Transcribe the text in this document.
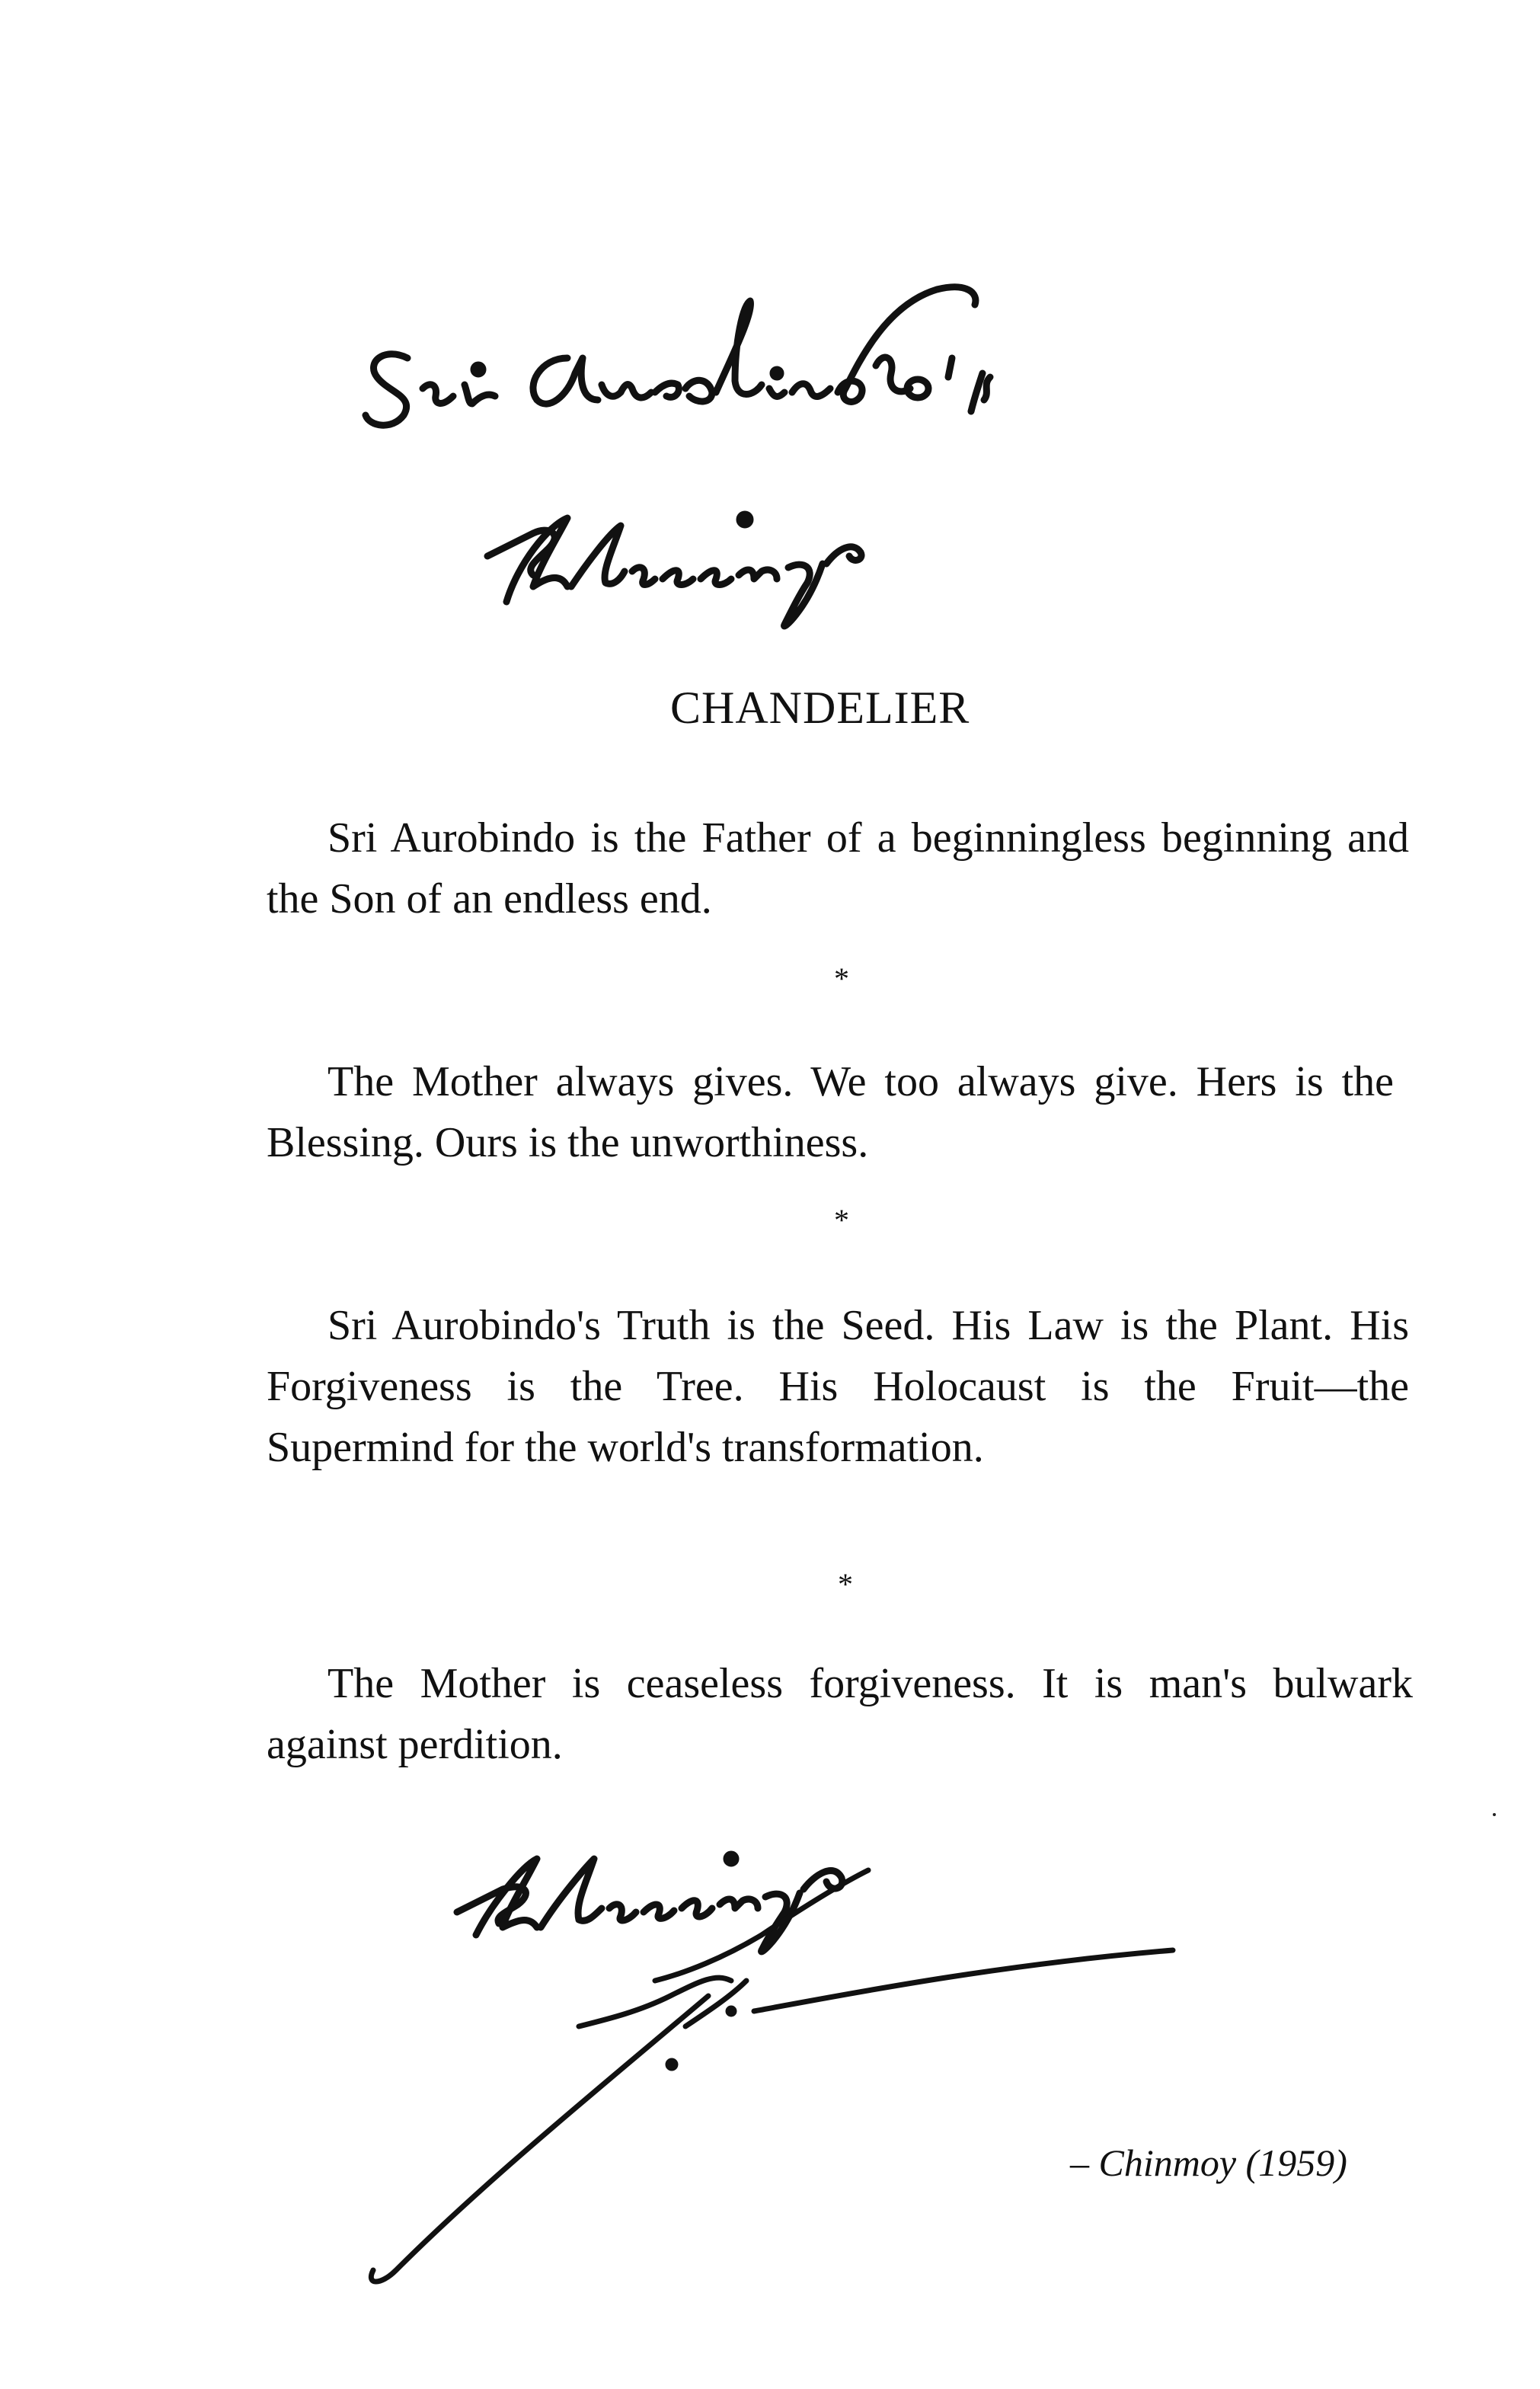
CHANDELIER

Sri Aurobindo is the Father of a beginningless beginning and the Son of an endless end.

*

The Mother always gives. We too always give. Hers is the Blessing. Ours is the unworthiness.

*

Sri Aurobindo's Truth is the Seed. His Law is the Plant. His Forgiveness is the Tree. His Holocaust is the Fruit—the Supermind for the world's transformation.

*

The Mother is ceaseless forgiveness. It is man's bulwark against perdition.

– Chinmoy (1959)
